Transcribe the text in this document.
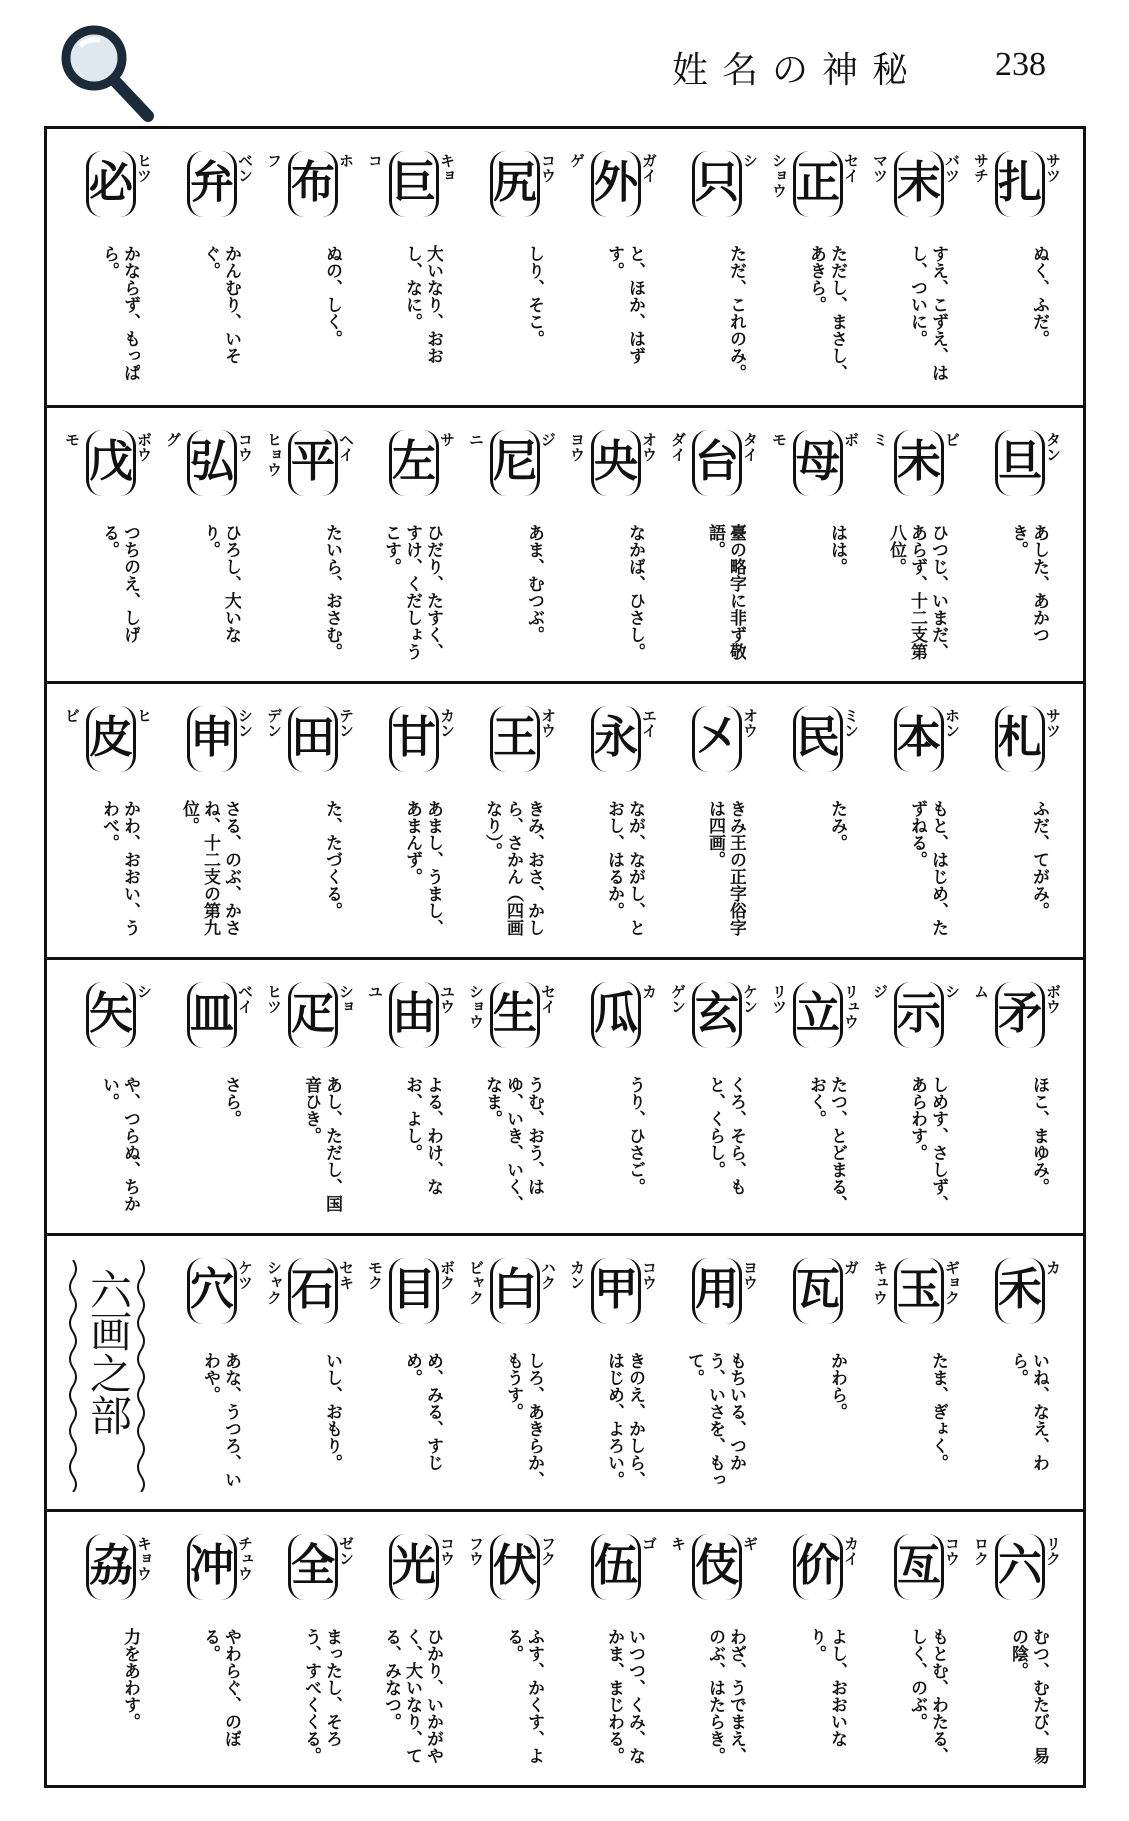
姓名の神秘 238
扎 サツ
サチ
ぬく、ふだ。
末 バツ
マツ
すえ、こずえ、はし、ついに。
正 セイ
ショウ
ただし、まさし、あきら。
只 シ
ただ、これのみ。
外 ガイ
ゲ
と、ほか、はずす。
尻 コウ
しり、そこ。
巨 キョ
コ
大いなり、おおし、なに。
布 ホ
フ
ぬの、しく。
弁 ベン
かんむり、いそぐ。
必 ヒツ
かならず、もっぱら。
旦 タン
あした、あかつき。
未 ビ
ミ
ひつじ、いまだ、あらず、十二支第八位。
母 ボ
モ
はは。
台 タイ
ダイ
臺の略字に非ず敬語。
央 オウ
ヨウ
なかば、ひさし。
尼 ジ
ニ
あま、むつぶ。
左 サ
ひだり、たすく、すけ、くだしょうこす。
平 ヘイ
ヒョウ
たいら、おさむ。
弘 コウ
グ
ひろし、大いなり。
戊 ボウ
モ
つちのえ、しげる。
札 サツ
ふだ、てがみ。
本 ホン
もと、はじめ、たずねる。
民 ミン
たみ。
㐅 オウ
きみ王の正字俗字は四画。
永 エイ
なが、ながし、とおし、はるか。
王 オウ
きみ、おさ、かしら、さかん（四画なり）。
甘 カン
あまし、うまし、あまんず。
田 テン
デン
た、たづくる。
申 シン
さる、のぶ、かさね、十二支の第九位。
皮 ヒ
ビ
かわ、おおい、うわべ。
矛 ボウ
ム
ほこ、まゆみ。
示 シ
ジ
しめす、さしず、あらわす。
立 リュウ
リツ
たつ、とどまる、おく。
玄 ケン
ゲン
くろ、そら、もと、くらし。
瓜 カ
うり、ひさご。
生 セイ
ショウ
うむ、おう、はゆ、いき、いく、なま。
由 ユウ
ユ
よる、わけ、なお、よし。
疋 ショ
ヒツ
あし、ただし、国音ひき。
皿 ベイ
さら。
矢 シ
や、つらぬ、ちかい。
禾 カ
いね、なえ、わら。
玉 ギョク
キュウ
たま、ぎょく。
瓦 ガ
かわら。
用 ヨウ
もちいる、つかう、いさを、もって。
甲 コウ
カン
きのえ、かしら、はじめ、よろい。
白 ハク
ビャク
しろ、あきらか、もうす。
目 ボク
モク
め、みる、すじめ。
石 セキ
シャク
いし、おもり。
穴 ケツ
あな、うつろ、いわや。
六画之部
六 リク
ロク
むつ、むたび、易の陰。
亙 コウ
もとむ、わたる、しく、のぶ。
价 カイ
よし、おおいなり。
伎 ギ
キ
わざ、うでまえ、のぶ、はたらき。
伍 ゴ
いつつ、くみ、なかま、まじわる。
伏 フク
フウ
ふす、かくす、よる。
光 コウ
ひかり、いかがやく、大いなり、てる、みなつ。
全 ゼン
まったし、そろう、すべくくる。
冲 チュウ
やわらぐ、のぼる。
劦 キョウ
力をあわす。
